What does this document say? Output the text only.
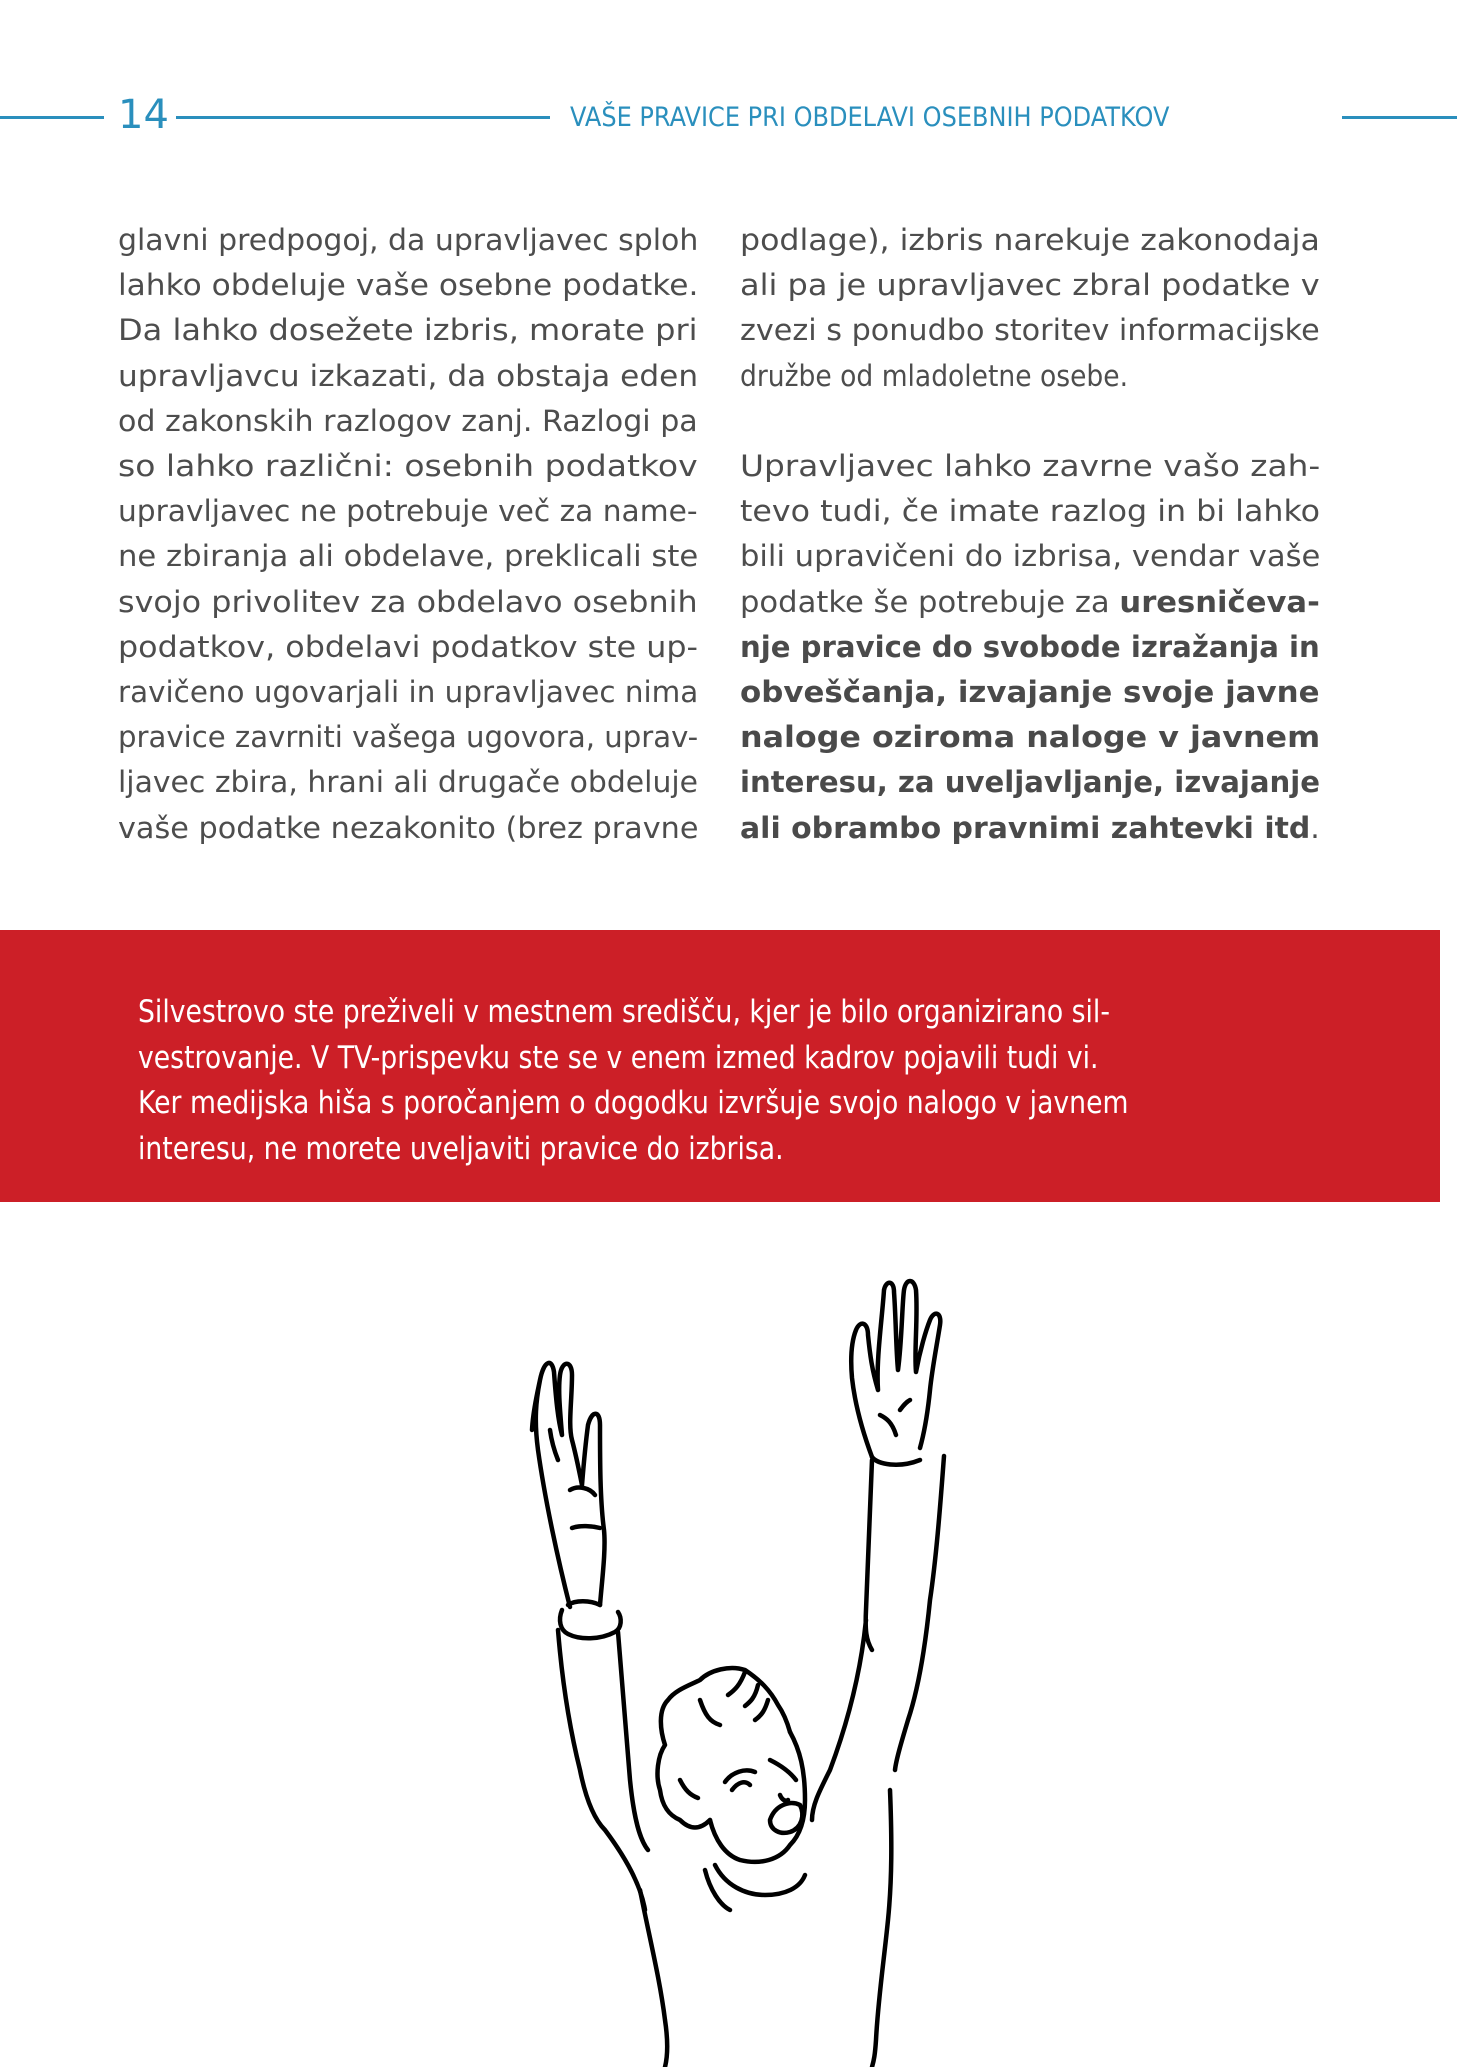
14	VAŠE PRAVICE PRI OBDELAVI OSEBNIH PODATKOV
glavni predpogoj, da upravljavec sploh
lahko obdeluje vaše osebne podatke.
Da lahko dosežete izbris, morate pri
upravljavcu izkazati, da obstaja eden
od zakonskih razlogov zanj. Razlogi pa
so lahko različni: osebnih podatkov
upravljavec ne potrebuje več za name-
ne zbiranja ali obdelave, preklicali ste
svojo privolitev za obdelavo osebnih
podatkov, obdelavi podatkov ste up-
ravičeno ugovarjali in upravljavec nima
pravice zavrniti vašega ugovora, uprav-
ljavec zbira, hrani ali drugače obdeluje
vaše podatke nezakonito (brez pravne
podlage), izbris narekuje zakonodaja
ali pa je upravljavec zbral podatke v
zvezi s ponudbo storitev informacijske
družbe od mladoletne osebe.
Upravljavec lahko zavrne vašo zah-
tevo tudi, če imate razlog in bi lahko
bili upravičeni do izbrisa, vendar vaše
podatke še potrebuje za uresničeva-
nje pravice do svobode izražanja in
obveščanja, izvajanje svoje javne
naloge oziroma naloge v javnem
interesu, za uveljavljanje, izvajanje
ali obrambo pravnimi zahtevki itd.
Silvestrovo ste preživeli v mestnem središču, kjer je bilo organizirano sil-
vestrovanje. V TV-prispevku ste se v enem izmed kadrov pojavili tudi vi.
Ker medijska hiša s poročanjem o dogodku izvršuje svojo nalogo v javnem
interesu, ne morete uveljaviti pravice do izbrisa.
